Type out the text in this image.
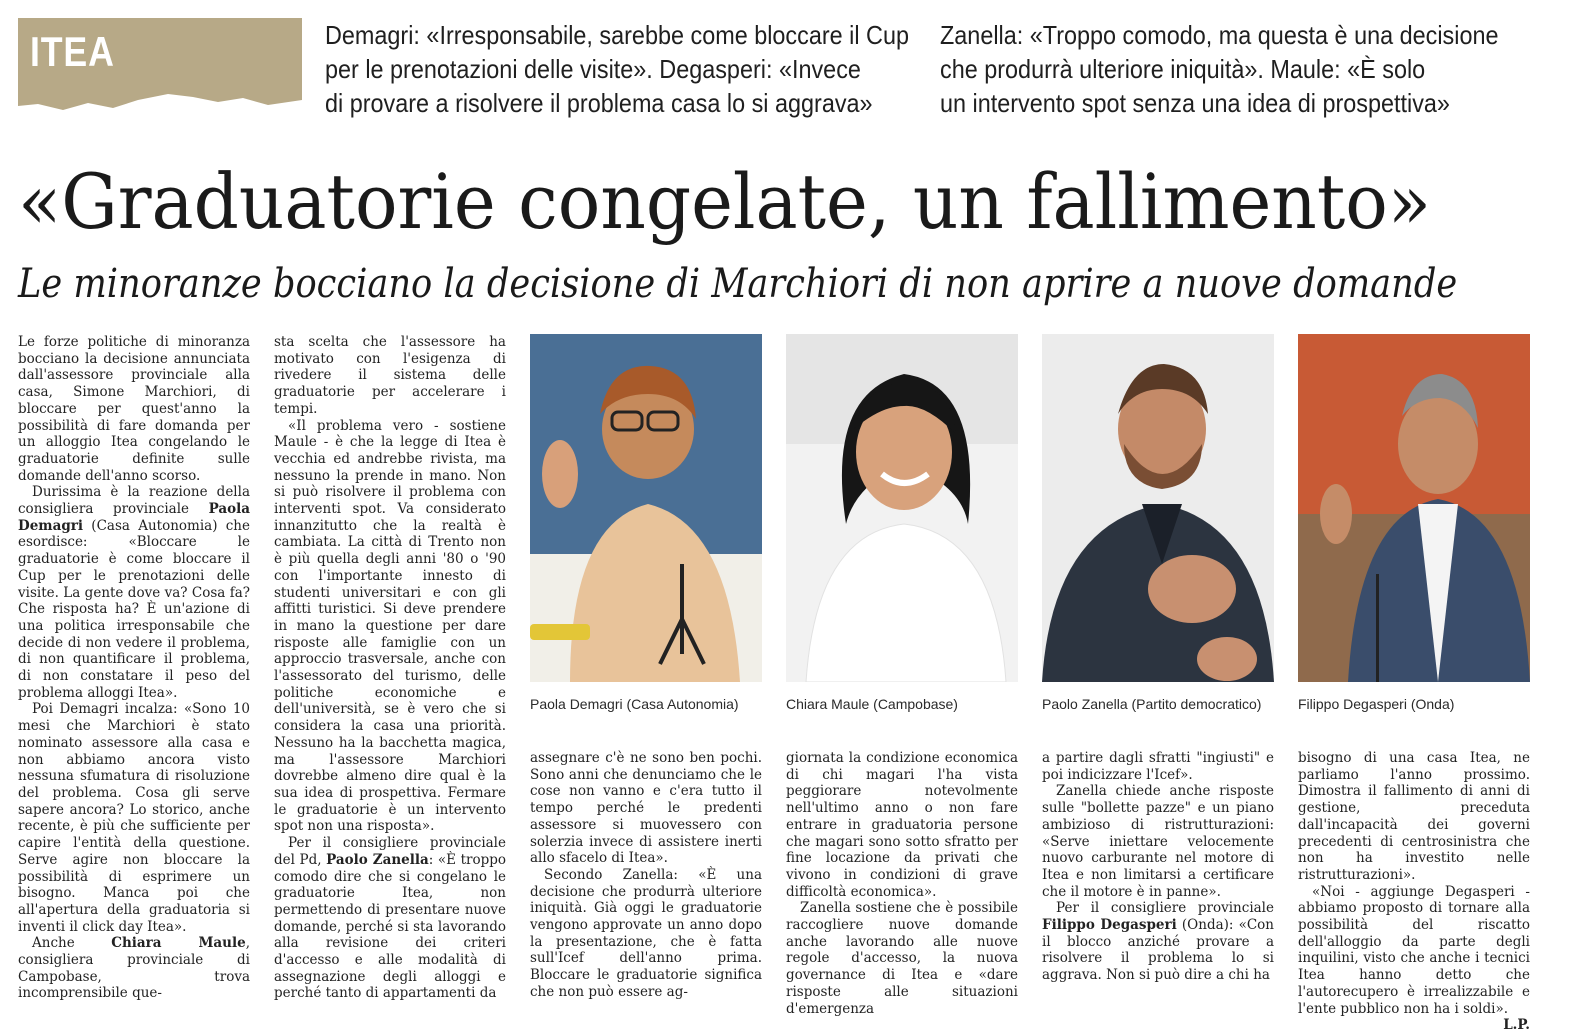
ITEA	Demagri: «Irresponsabile, sarebbe come bloccare il Cup
per le prenotazioni delle visite». Degasperi: «Invece
di provare a risolvere il problema casa lo si aggrava»
Zanella: «Troppo comodo, ma questa è una decisione
che produrrà ulteriore iniquità». Maule: «È solo
un intervento spot senza una idea di prospettiva»
«Graduatorie congelate, un fallimento»
Le minoranze bocciano la decisione di Marchiori di non aprire a nuove domande

Le forze politiche di minoranza bocciano la decisione annunciata dall'assessore provinciale alla casa, Simone Marchiori, di bloccare per quest'anno la possibilità di fare domanda per un alloggio Itea congelando le graduatorie definite sulle domande dell'anno scorso.

Durissima è la reazione della consigliera provinciale Paola Demagri (Casa Autonomia) che esordisce: «Bloccare le graduatorie è come bloccare il Cup per le prenotazioni delle visite. La gente dove va? Cosa fa? Che risposta ha? È un'azione di una politica irresponsabile che decide di non vedere il problema, di non quantificare il problema, di non constatare il peso del problema alloggi Itea».

Poi Demagri incalza: «Sono 10 mesi che Marchiori è stato nominato assessore alla casa e non abbiamo ancora visto nessuna sfumatura di risoluzione del problema. Cosa gli serve sapere ancora? Lo storico, anche recente, è più che sufficiente per capire l'entità della questione. Serve agire non bloccare la possibilità di esprimere un bisogno. Manca poi che all'apertura della graduatoria si inventi il click day Itea».

Anche Chiara Maule, consigliera provinciale di Campobase, trova incomprensibile que-

sta scelta che l'assessore ha motivato con l'esigenza di rivedere il sistema delle graduatorie per accelerare i tempi.

«Il problema vero - sostiene Maule - è che la legge di Itea è vecchia ed andrebbe rivista, ma nessuno la prende in mano. Non si può risolvere il problema con interventi spot. Va considerato innanzitutto che la realtà è cambiata. La città di Trento non è più quella degli anni '80 o '90 con l'importante innesto di studenti universitari e con gli affitti turistici. Si deve prendere in mano la questione per dare risposte alle famiglie con un approccio trasversale, anche con l'assessorato del turismo, delle politiche economiche e dell'università, se è vero che si considera la casa una priorità. Nessuno ha la bacchetta magica, ma l'assessore Marchiori dovrebbe almeno dire qual è la sua idea di prospettiva. Fermare le graduatorie è un intervento spot non una risposta».

Per il consigliere provinciale del Pd, Paolo Zanella: «È troppo comodo dire che si congelano le graduatorie Itea, non permettendo di presentare nuove domande, perché si sta lavorando alla revisione dei criteri d'accesso e alle modalità di assegnazione degli alloggi e perché tanto di appartamenti da

Paola Demagri (Casa Autonomia)	Chiara Maule (Campobase)	Paolo Zanella (Partito democratico)	Filippo Degasperi (Onda)

assegnare c'è ne sono ben pochi. Sono anni che denunciamo che le cose non vanno e c'era tutto il tempo perché le predenti assessore si muovessero con solerzia invece di assistere inerti allo sfacelo di Itea».

Secondo Zanella: «È una decisione che produrrà ulteriore iniquità. Già oggi le graduatorie vengono approvate un anno dopo la presentazione, che è fatta sull'Icef dell'anno prima. Bloccare le graduatorie significa che non può essere ag-

giornata la condizione economica di chi magari l'ha vista peggiorare notevolmente nell'ultimo anno o non fare entrare in graduatoria persone che magari sono sotto sfratto per fine locazione da privati che vivono in condizioni di grave difficoltà economica».

Zanella sostiene che è possibile raccogliere nuove domande anche lavorando alle nuove regole d'accesso, la nuova governance di Itea e «dare risposte alle situazioni d'emergenza

a partire dagli sfratti "ingiusti" e poi indicizzare l'Icef».

Zanella chiede anche risposte sulle "bollette pazze" e un piano ambizioso di ristrutturazioni: «Serve iniettare velocemente nuovo carburante nel motore di Itea e non limitarsi a certificare che il motore è in panne».

Per il consigliere provinciale Filippo Degasperi (Onda): «Con il blocco anziché provare a risolvere il problema lo si aggrava. Non si può dire a chi ha

bisogno di una casa Itea, ne parliamo l'anno prossimo. Dimostra il fallimento di anni di gestione, preceduta dall'incapacità dei governi precedenti di centrosinistra che non ha investito nelle ristrutturazioni».

«Noi - aggiunge Degasperi - abbiamo proposto di tornare alla possibilità del riscatto dell'alloggio da parte degli inquilini, visto che anche i tecnici Itea hanno detto che l'autorecupero è irrealizzabile e l'ente pubblico non ha i soldi».
L.P.
